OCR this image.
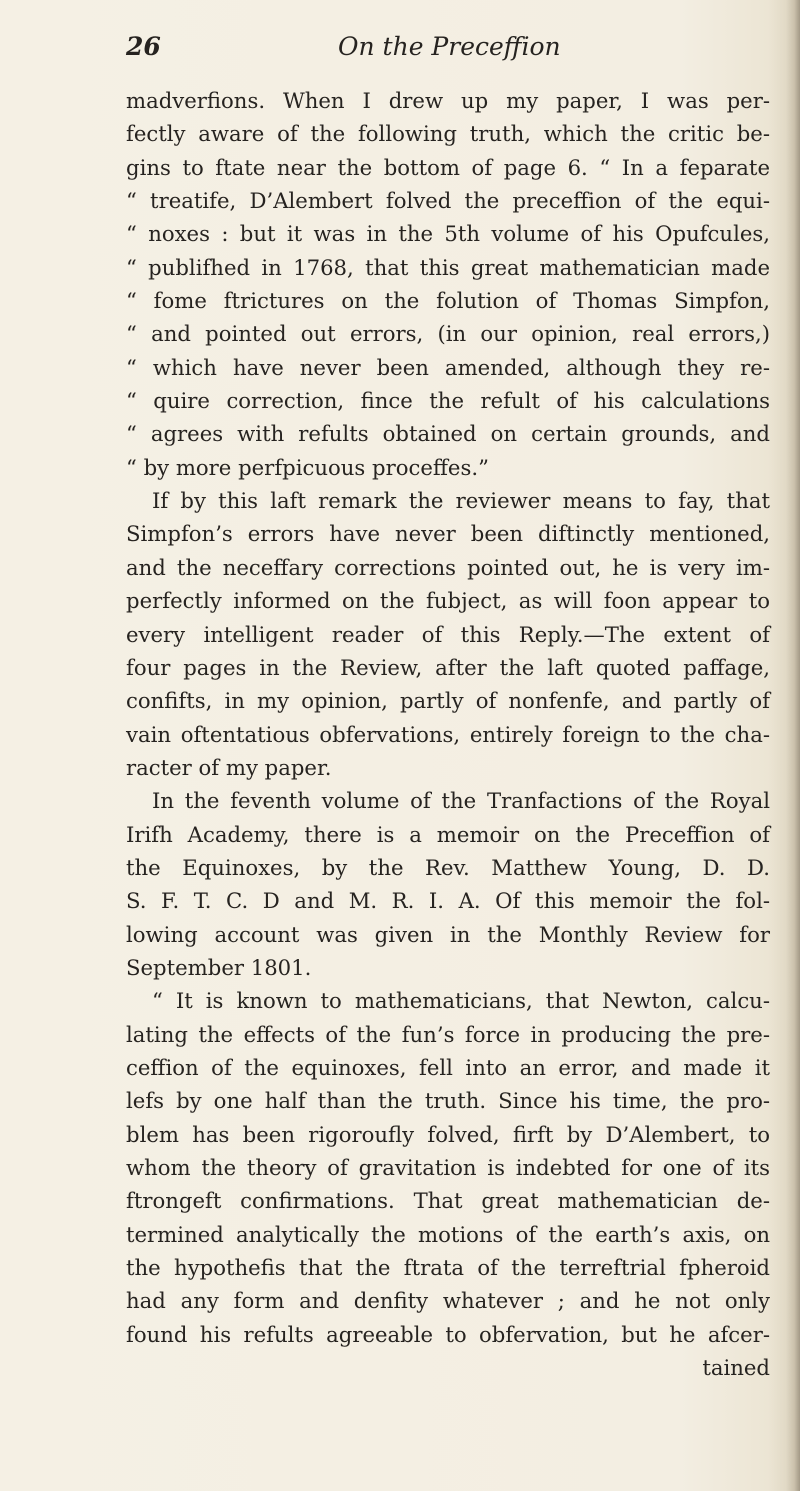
26	On the Preceffion
madverfions. When I drew up my paper, I was per-
fectly aware of the following truth, which the critic be-
gins to ftate near the bottom of page 6. “ In a feparate
“ treatife, D’Alembert folved the preceffion of the equi-
“ noxes : but it was in the 5th volume of his Opufcules,
“ publifhed in 1768, that this great mathematician made
“ fome ftrictures on the folution of Thomas Simpfon,
“ and pointed out errors, (in our opinion, real errors,)
“ which have never been amended, although they re-
“ quire correction, fince the refult of his calculations
“ agrees with refults obtained on certain grounds, and
“ by more perfpicuous proceffes.”
If by this laft remark the reviewer means to fay, that
Simpfon’s errors have never been diftinctly mentioned,
and the neceffary corrections pointed out, he is very im-
perfectly informed on the fubject, as will foon appear to
every intelligent reader of this Reply.—The extent of
four pages in the Review, after the laft quoted paffage,
confifts, in my opinion, partly of nonfenfe, and partly of
vain oftentatious obfervations, entirely foreign to the cha-
racter of my paper.
In the feventh volume of the Tranfactions of the Royal
Irifh Academy, there is a memoir on the Preceffion of
the Equinoxes, by the Rev. Matthew Young, D. D.
S. F. T. C. D and M. R. I. A. Of this memoir the fol-
lowing account was given in the Monthly Review for
September 1801.
“ It is known to mathematicians, that Newton, calcu-
lating the effects of the fun’s force in producing the pre-
ceffion of the equinoxes, fell into an error, and made it
lefs by one half than the truth. Since his time, the pro-
blem has been rigoroufly folved, firft by D’Alembert, to
whom the theory of gravitation is indebted for one of its
ftrongeft confirmations. That great mathematician de-
termined analytically the motions of the earth’s axis, on
the hypothefis that the ftrata of the terreftrial fpheroid
had any form and denfity whatever ; and he not only
found his refults agreeable to obfervation, but he afcer-
tained
